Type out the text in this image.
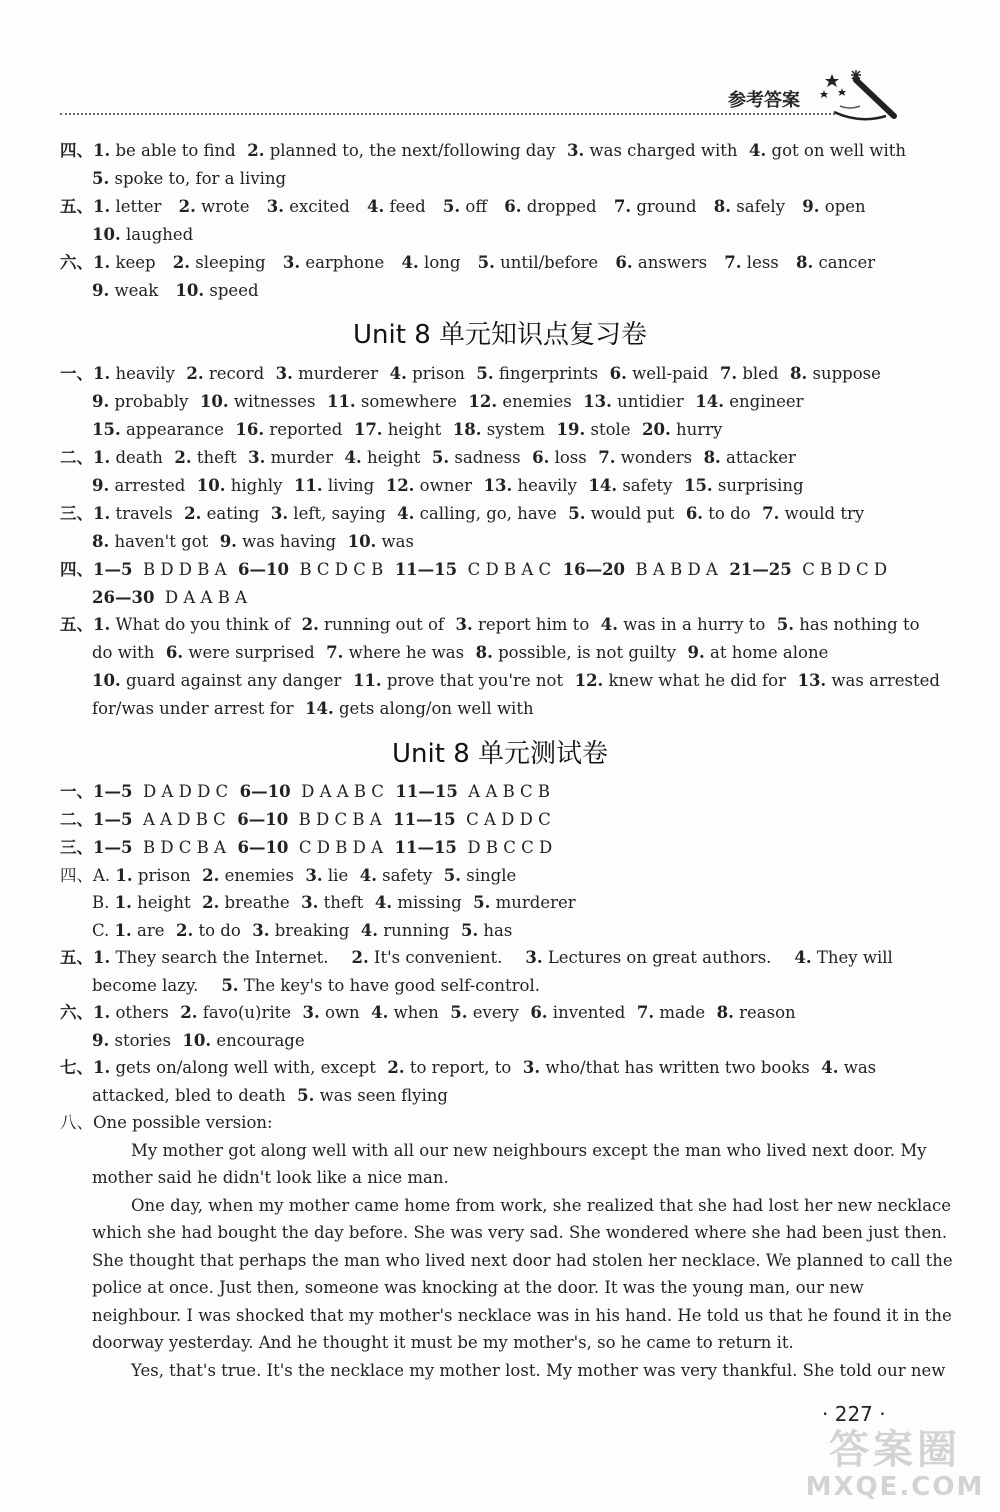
参考答案
Unit 8 单元知识点复习卷
Unit 8 单元测试卷
四、1. be able to find  2. planned to, the next/following day  3. was charged with  4. got on well with
5. spoke to, for a living
五、1. letter   2. wrote   3. excited   4. feed   5. off   6. dropped   7. ground   8. safely   9. open
10. laughed
六、1. keep   2. sleeping   3. earphone   4. long   5. until/before   6. answers   7. less   8. cancer
9. weak   10. speed
一、1. heavily  2. record  3. murderer  4. prison  5. fingerprints  6. well-paid  7. bled  8. suppose
9. probably  10. witnesses  11. somewhere  12. enemies  13. untidier  14. engineer
15. appearance  16. reported  17. height  18. system  19. stole  20. hurry
二、1. death  2. theft  3. murder  4. height  5. sadness  6. loss  7. wonders  8. attacker
9. arrested  10. highly  11. living  12. owner  13. heavily  14. safety  15. surprising
三、1. travels  2. eating  3. left, saying  4. calling, go, have  5. would put  6. to do  7. would try
8. haven't got  9. was having  10. was
四、1—5  B D D B A  6—10  B C D C B  11—15  C D B A C  16—20  B A B D A  21—25  C B D C D
26—30  D A A B A
五、1. What do you think of  2. running out of  3. report him to  4. was in a hurry to  5. has nothing to
do with  6. were surprised  7. where he was  8. possible, is not guilty  9. at home alone
10. guard against any danger  11. prove that you're not  12. knew what he did for  13. was arrested
for/was under arrest for  14. gets along/on well with
一、1—5  D A D D C  6—10  D A A B C  11—15  A A B C B
二、1—5  A A D B C  6—10  B D C B A  11—15  C A D D C
三、1—5  B D C B A  6—10  C D B D A  11—15  D B C C D
四、A. 1. prison  2. enemies  3. lie  4. safety  5. single
B. 1. height  2. breathe  3. theft  4. missing  5. murderer
C. 1. are  2. to do  3. breaking  4. running  5. has
五、1. They search the Internet.    2. It's convenient.    3. Lectures on great authors.    4. They will
become lazy.    5. The key's to have good self-control.
六、1. others  2. favo(u)rite  3. own  4. when  5. every  6. invented  7. made  8. reason
9. stories  10. encourage
七、1. gets on/along well with, except  2. to report, to  3. who/that has written two books  4. was
attacked, bled to death  5. was seen flying
八、One possible version:
My mother got along well with all our new neighbours except the man who lived next door. My
mother said he didn't look like a nice man.
One day, when my mother came home from work, she realized that she had lost her new necklace
which she had bought the day before. She was very sad. She wondered where she had been just then.
She thought that perhaps the man who lived next door had stolen her necklace. We planned to call the
police at once. Just then, someone was knocking at the door. It was the young man, our new
neighbour. I was shocked that my mother's necklace was in his hand. He told us that he found it in the
doorway yesterday. And he thought it must be my mother's, so he came to return it.
Yes, that's true. It's the necklace my mother lost. My mother was very thankful. She told our new
· 227 ·
答案圈
MXQE.COM
